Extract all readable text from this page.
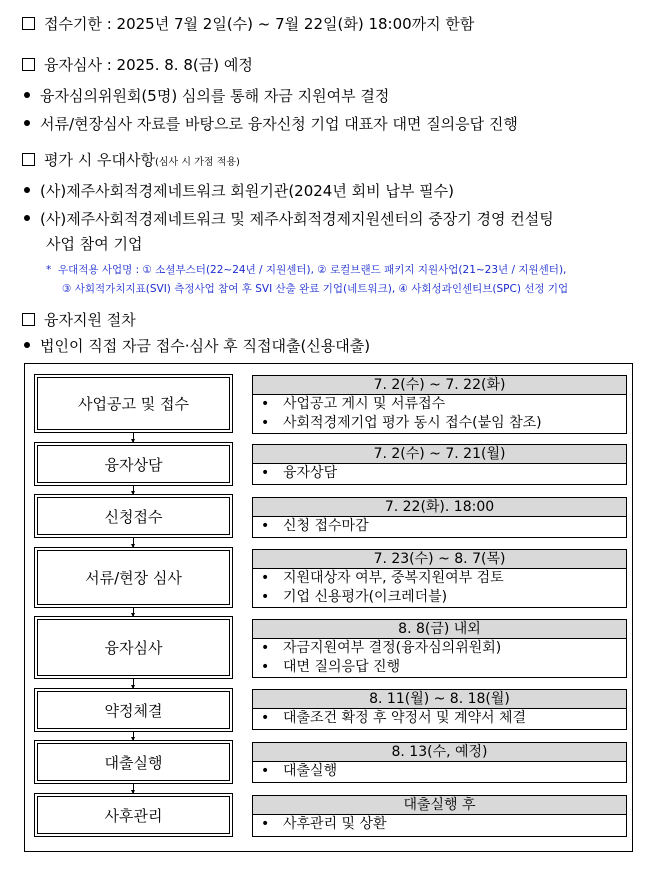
접수기한 : 2025년 7월 2일(수) ~ 7월 22일(화) 18:00까지 한함
융자심사 : 2025. 8. 8(금) 예정
융자심의위원회(5명) 심의를 통해 자금 지원여부 결정
서류/현장심사 자료를 바탕으로 융자신청 기업 대표자 대면 질의응답 진행
평가 시 우대사항(심사 시 가점 적용)
(사)제주사회적경제네트워크 회원기관(2024년 회비 납부 필수)
(사)제주사회적경제네트워크 및 제주사회적경제지원센터의 중장기 경영 컨설팅
사업 참여 기업
* 우대적용 사업명 : ① 소셜부스터(22~24년 / 지원센터), ② 로컬브랜드 패키지 지원사업(21~23년 / 지원센터),
③ 사회적가치지표(SVI) 측정사업 참여 후 SVI 산출 완료 기업(네트워크), ④ 사회성과인센티브(SPC) 선정 기업
융자지원 절차
법인이 직접 자금 접수·심사 후 직접대출(신용대출)
사업공고 및 접수
7. 2(수) ~ 7. 22(화)
• 사업공고 게시 및 서류접수
• 사회적경제기업 평가 동시 접수(붙임 참조)
융자상담
7. 2(수) ~ 7. 21(월)
• 융자상담
신청접수
7. 22(화). 18:00
• 신청 접수마감
서류/현장 심사
7. 23(수) ~ 8. 7(목)
• 지원대상자 여부, 중복지원여부 검토
• 기업 신용평가(이크레더블)
융자심사
8. 8(금) 내외
• 자금지원여부 결정(융자심의위원회)
• 대면 질의응답 진행
약정체결
8. 11(월) ~ 8. 18(월)
• 대출조건 확정 후 약정서 및 계약서 체결
대출실행
8. 13(수, 예정)
• 대출실행
사후관리
대출실행 후
• 사후관리 및 상환
